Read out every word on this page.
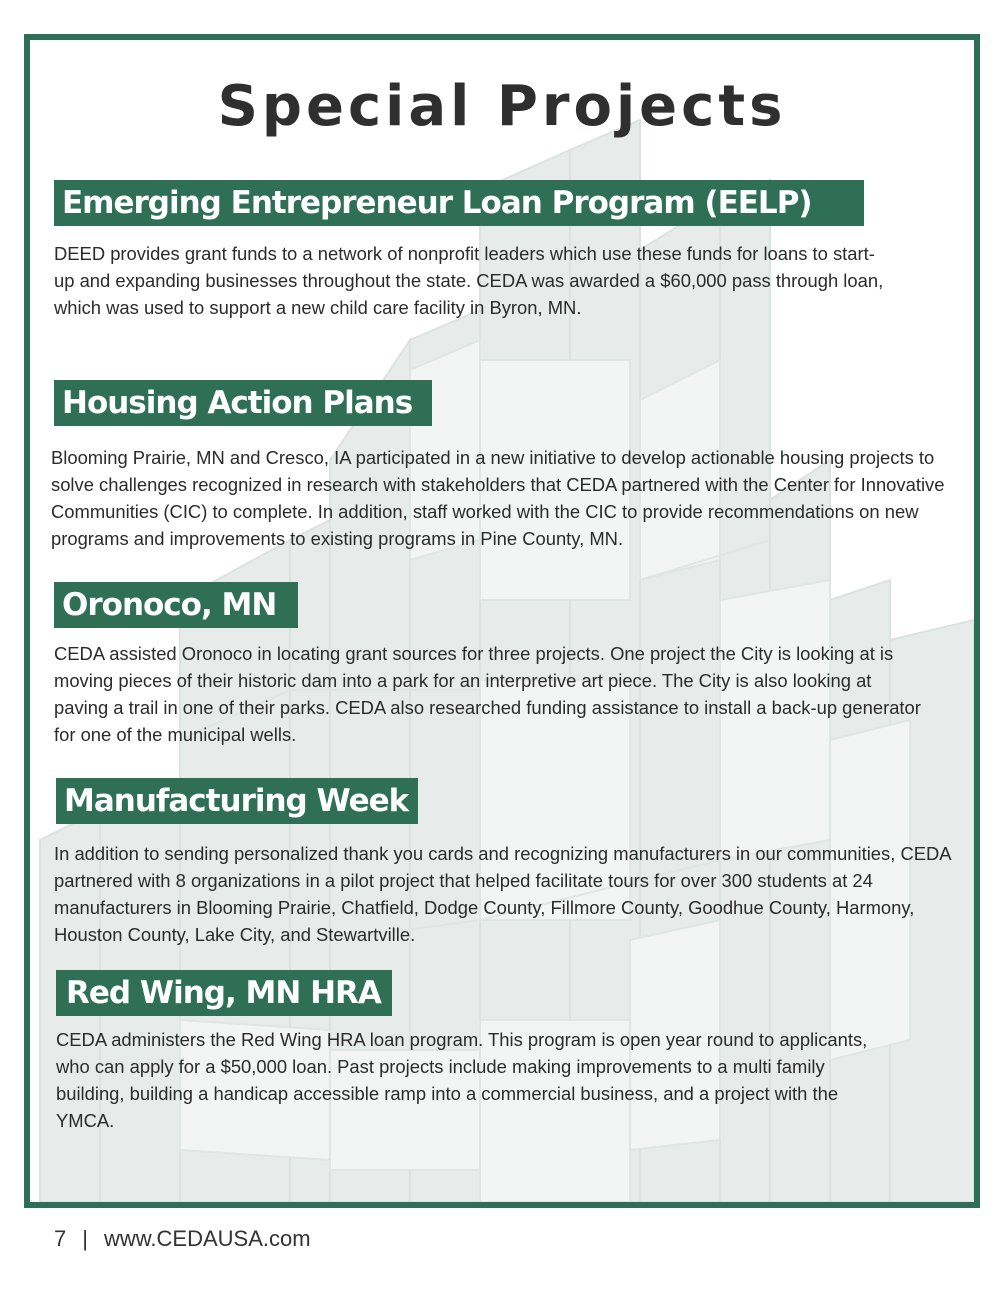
Special Projects
Emerging Entrepreneur Loan Program (EELP)

DEED provides grant funds to a network of nonprofit leaders which use these funds for loans to start-up and expanding businesses throughout the state. CEDA was awarded a $60,000 pass through loan, which was used to support a new child care facility in Byron, MN.

Housing Action Plans

Blooming Prairie, MN and Cresco, IA participated in a new initiative to develop actionable housing projects to solve challenges recognized in research with stakeholders that CEDA partnered with the Center for Innovative Communities (CIC) to complete. In addition, staff worked with the CIC to provide recommendations on new programs and improvements to existing programs in Pine County, MN.

Oronoco, MN

CEDA assisted Oronoco in locating grant sources for three projects. One project the City is looking at is moving pieces of their historic dam into a park for an interpretive art piece. The City is also looking at paving a trail in one of their parks. CEDA also researched funding assistance to install a back-up generator for one of the municipal wells.

Manufacturing Week

In addition to sending personalized thank you cards and recognizing manufacturers in our communities, CEDA partnered with 8 organizations in a pilot project that helped facilitate tours for over 300 students at 24 manufacturers in Blooming Prairie, Chatfield, Dodge County, Fillmore County, Goodhue County, Harmony, Houston County, Lake City, and Stewartville.

Red Wing, MN HRA

CEDA administers the Red Wing HRA loan program. This program is open year round to applicants, who can apply for a $50,000 loan. Past projects include making improvements to a multi family building, building a handicap accessible ramp into a commercial business, and a project with the YMCA.

7 | www.CEDAUSA.com
